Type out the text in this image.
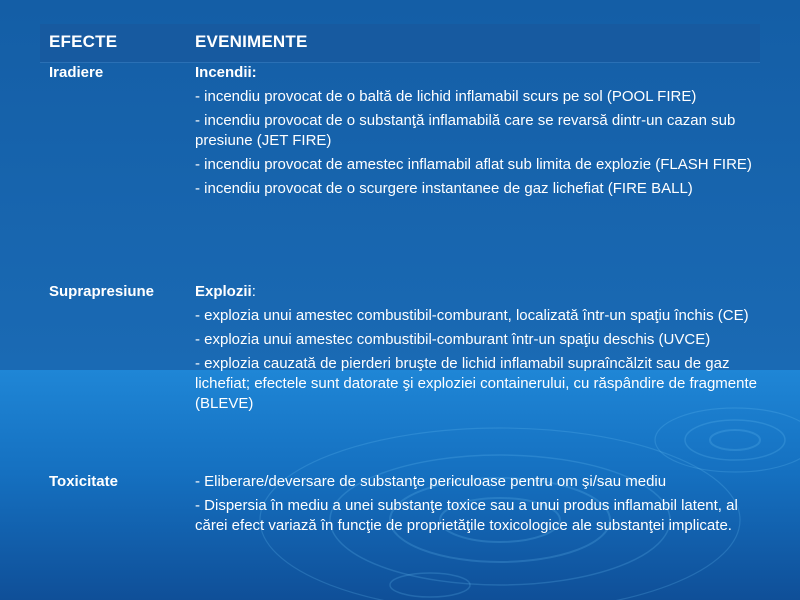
EFECTE	EVENIMENTE
Iradiere	Incendii:
- incendiu provocat de o baltă de lichid inflamabil scurs pe sol (POOL FIRE)
- incendiu provocat de o substanţă inflamabilă care se revarsă dintr-un cazan sub presiune (JET FIRE)
- incendiu provocat de amestec inflamabil aflat sub limita de explozie (FLASH FIRE)
- incendiu provocat de o scurgere instantanee de gaz lichefiat (FIRE BALL)
Suprapresiune	Explozii:
- explozia unui amestec combustibil-comburant, localizată într-un spaţiu închis (CE)
- explozia unui amestec combustibil-comburant într-un spaţiu deschis (UVCE)
- explozia cauzată de pierderi bruşte de lichid inflamabil supraîncălzit sau de gaz lichefiat; efectele sunt datorate şi exploziei containerului, cu răspândire de fragmente (BLEVE)
Toxicitate	- Eliberare/deversare de substanţe periculoase pentru om şi/sau mediu
- Dispersia în mediu a unei substanţe toxice sau a unui produs inflamabil latent, al cărei efect variază în funcţie de proprietăţile toxicologice ale substanţei implicate.
